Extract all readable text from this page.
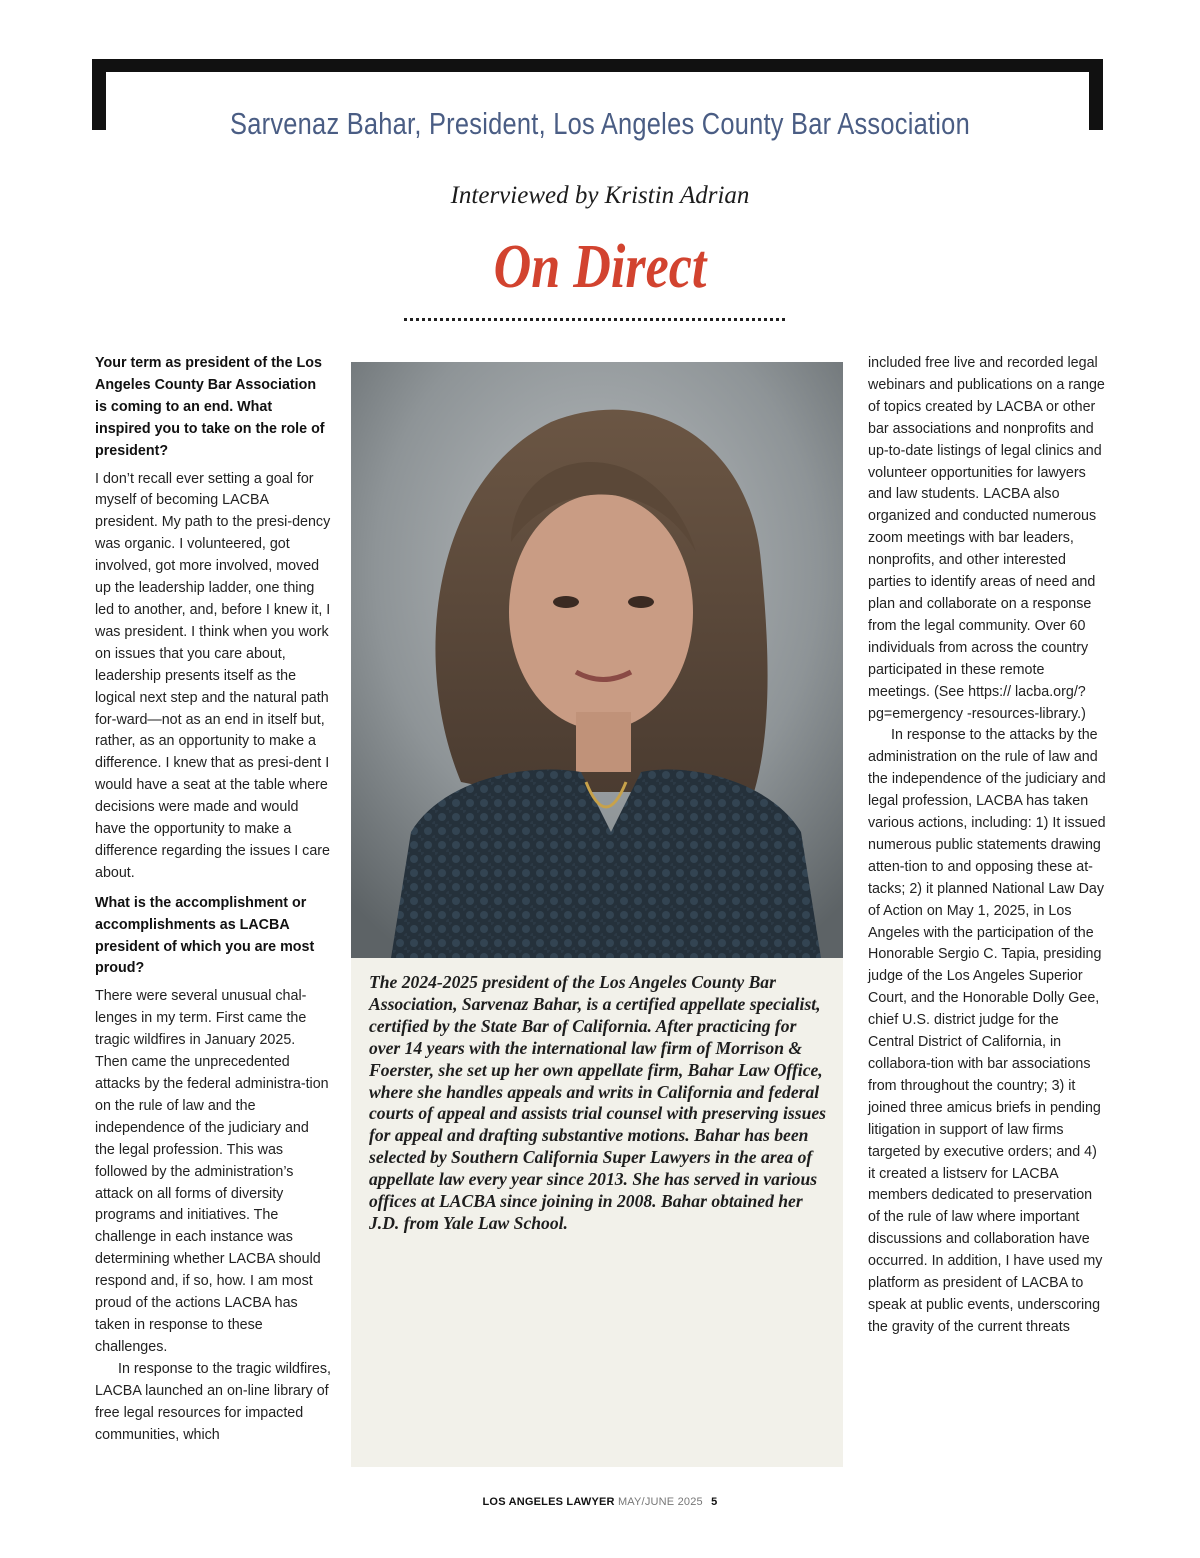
Sarvenaz Bahar, President, Los Angeles County Bar Association
Interviewed by Kristin Adrian
On Direct

Your term as president of the Los Angeles County Bar Association is coming to an end. What inspired you to take on the role of president?

I don’t recall ever setting a goal for myself of becoming LACBA president. My path to the presi-dency was organic. I volunteered, got involved, got more involved, moved up the leadership ladder, one thing led to another, and, before I knew it, I was president. I think when you work on issues that you care about, leadership presents itself as the logical next step and the natural path for-ward—not as an end in itself but, rather, as an opportunity to make a difference. I knew that as presi-dent I would have a seat at the table where decisions were made and would have the opportunity to make a difference regarding the issues I care about.

What is the accomplishment or accomplishments as LACBA president of which you are most proud?

There were several unusual chal-lenges in my term. First came the tragic wildfires in January 2025. Then came the unprecedented attacks by the federal administra-tion on the rule of law and the independence of the judiciary and the legal profession. This was followed by the administration’s attack on all forms of diversity programs and initiatives. The challenge in each instance was determining whether LACBA should respond and, if so, how. I am most proud of the actions LACBA has taken in response to these challenges.

In response to the tragic wildfires, LACBA launched an on-line library of free legal resources for impacted communities, which

The 2024-2025 president of the Los Angeles County Bar Association, Sarvenaz Bahar, is a certified appellate specialist, certified by the State Bar of California. After practicing for over 14 years with the international law firm of Morrison & Foerster, she set up her own appellate firm, Bahar Law Office, where she handles appeals and writs in California and federal courts of appeal and assists trial counsel with preserving issues for appeal and drafting substantive motions. Bahar has been selected by Southern California Super Lawyers in the area of appellate law every year since 2013. She has served in various offices at LACBA since joining in 2008. Bahar obtained her J.D. from Yale Law School.

included free live and recorded legal webinars and publications on a range of topics created by LACBA or other bar associations and nonprofits and up-to-date listings of legal clinics and volunteer opportunities for lawyers and law students. LACBA also organized and conducted numerous zoom meetings with bar leaders, nonprofits, and other interested parties to identify areas of need and plan and collaborate on a response from the legal community. Over 60 individuals from across the country participated in these remote meetings. (See https:// lacba.org/?pg=emergency -resources-library.)

In response to the attacks by the administration on the rule of law and the independence of the judiciary and legal profession, LACBA has taken various actions, including: 1) It issued numerous public statements drawing atten-tion to and opposing these at-tacks; 2) it planned National Law Day of Action on May 1, 2025, in Los Angeles with the participation of the Honorable Sergio C. Tapia, presiding judge of the Los Angeles Superior Court, and the Honorable Dolly Gee, chief U.S. district judge for the Central District of California, in collabora-tion with bar associations from throughout the country; 3) it joined three amicus briefs in pending litigation in support of law firms targeted by executive orders; and 4) it created a listserv for LACBA members dedicated to preservation of the rule of law where important discussions and collaboration have occurred. In addition, I have used my platform as president of LACBA to speak at public events, underscoring the gravity of the current threats

LOS ANGELES LAWYER MAY/JUNE 2025 5
